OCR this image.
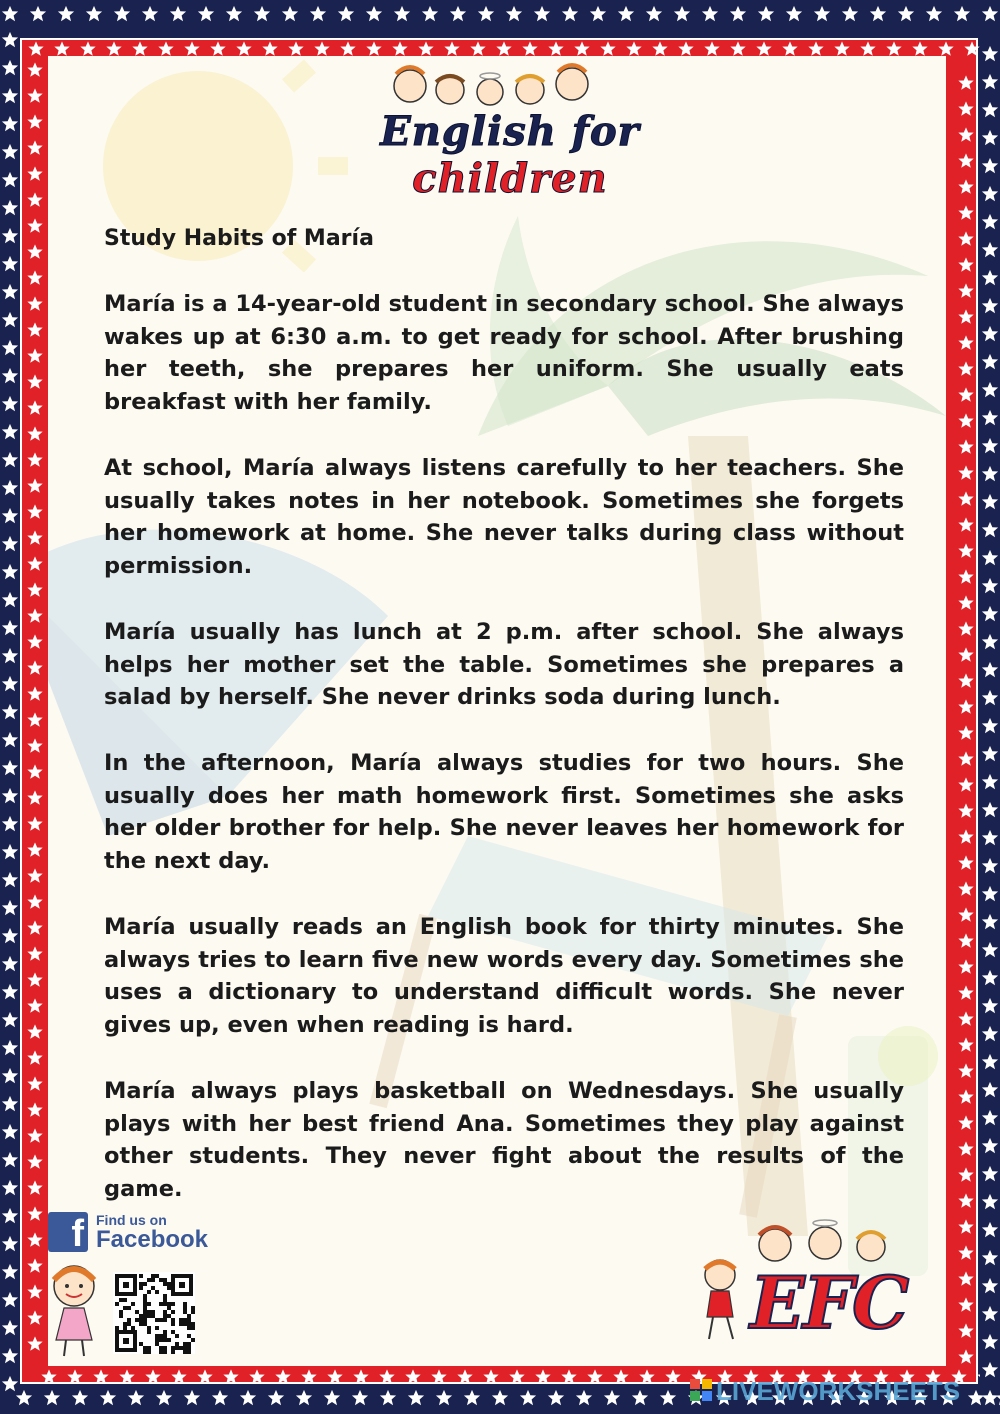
English for children
Study Habits of María

María is a 14-year-old student in secondary school. She always wakes up at 6:30 a.m. to get ready for school. After brushing her teeth, she prepares her uniform. She usually eats breakfast with her family.

At school, María always listens carefully to her teachers. She usually takes notes in her notebook. Sometimes she forgets her homework at home. She never talks during class without permission.

María usually has lunch at 2 p.m. after school. She always helps her mother set the table. Sometimes she prepares a salad by herself. She never drinks soda during lunch.

In the afternoon, María always studies for two hours. She usually does her math homework first. Sometimes she asks her older brother for help. She never leaves her homework for the next day.

María usually reads an English book for thirty minutes. She always tries to learn five new words every day. Sometimes she uses a dictionary to understand difficult words. She never gives up, even when reading is hard.

María always plays basketball on Wednesdays. She usually plays with her best friend Ana. Sometimes they play against other students. They never fight about the results of the game.

f Find us on
Facebook
EFC
LIVEWORKSHEETS
